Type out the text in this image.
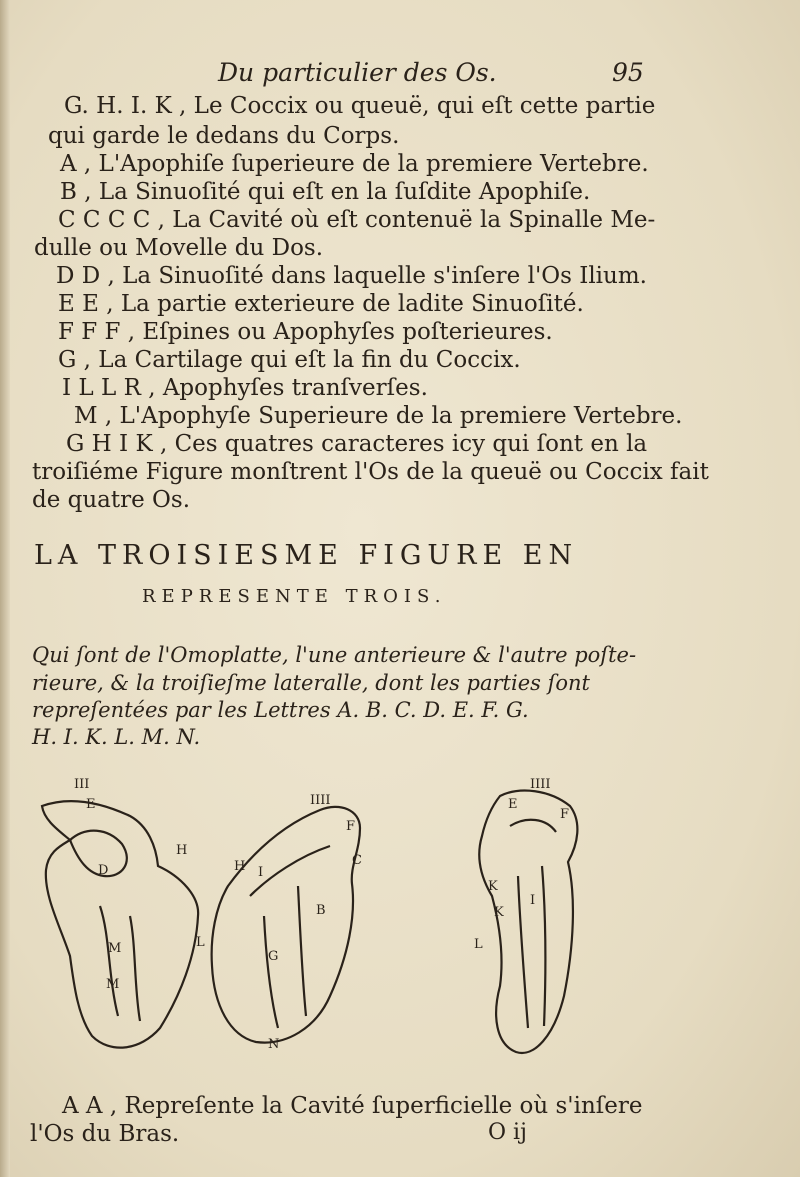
Du particulier des Os.	95
G. H. I. K , Le Coccix ou queuë, qui eſt cette partie
qui garde le dedans du Corps.
A , L'Apophiſe ſuperieure de la premiere Vertebre.
B , La Sinuoſité qui eſt en la ſuſdite Apophiſe.
C C C C , La Cavité où eſt contenuë la Spinalle Me-
dulle ou Movelle du Dos.
D D , La Sinuoſité dans laquelle s'inſere l'Os Ilium.
E E , La partie exterieure de ladite Sinuoſité.
F F F , Eſpines ou Apophyſes poſterieures.
G , La Cartilage qui eſt la fin du Coccix.
I L L R , Apophyſes tranſverſes.
M , L'Apophyſe Superieure de la premiere Vertebre.
G H I K , Ces quatres caracteres icy qui ſont en la
troiſiéme Figure monſtrent l'Os de la queuë ou Coccix fait
de quatre Os.
LA TROISIESME FIGURE EN
REPRESENTE TROIS.
Qui ſont de l'Omoplatte, l'une anterieure & l'autre poſte-
rieure, & la troiſieſme lateralle, dont les parties ſont
repreſentées par les Lettres A. B. C. D. E. F. G.
H. I. K. L. M. N.
III
IIII
IIII
E
D
H
M
M
L
F
C
I
B
G
H
N
E
F
K
K
I
L
A A , Repreſente la Cavité ſuperficielle où s'inſere
l'Os du Bras.	O ij
